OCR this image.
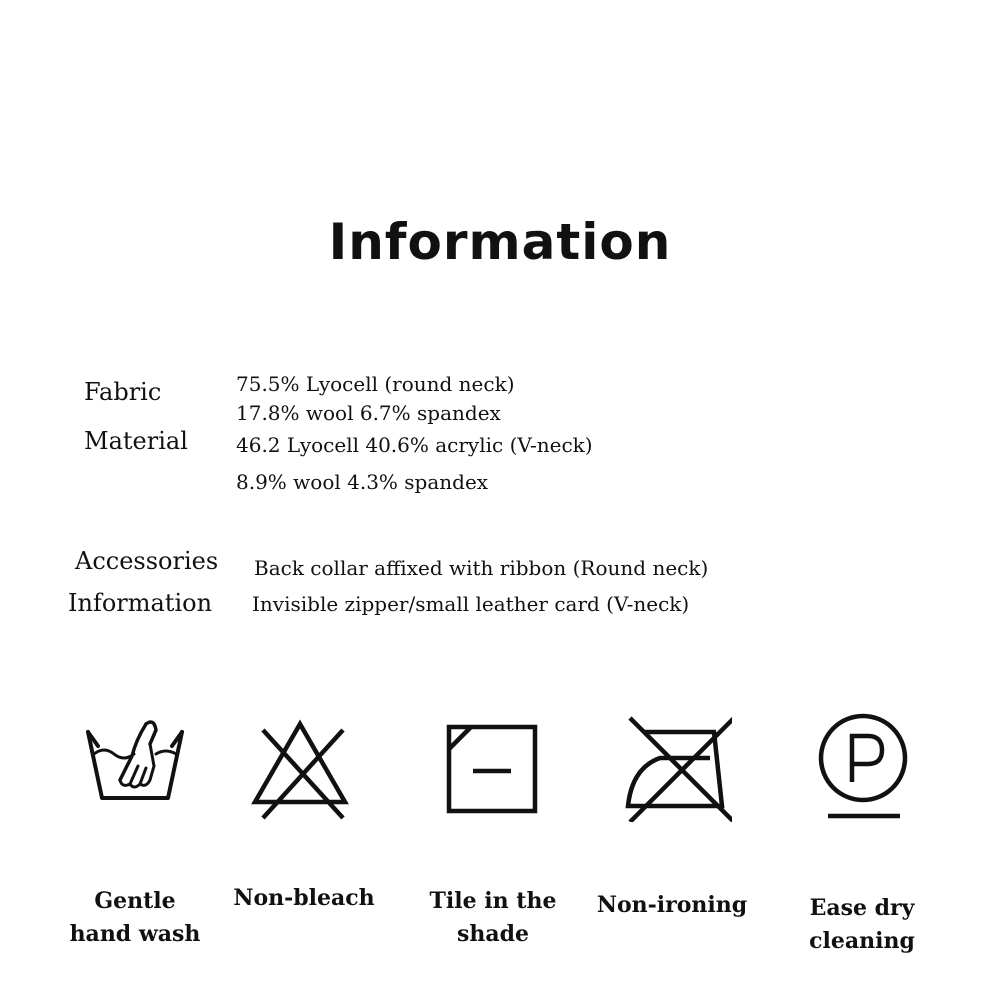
Information
Fabric
Material
75.5% Lyocell (round neck)
17.8% wool 6.7% spandex
46.2 Lyocell 40.6% acrylic (V-neck)
8.9% wool 4.3% spandex
Accessories
Information
Back collar affixed with ribbon (Round neck)
Invisible zipper/small leather card (V-neck)
Gentle
hand wash
Non-bleach	Tile in the
shade
Non-ironing	Ease dry
cleaning
